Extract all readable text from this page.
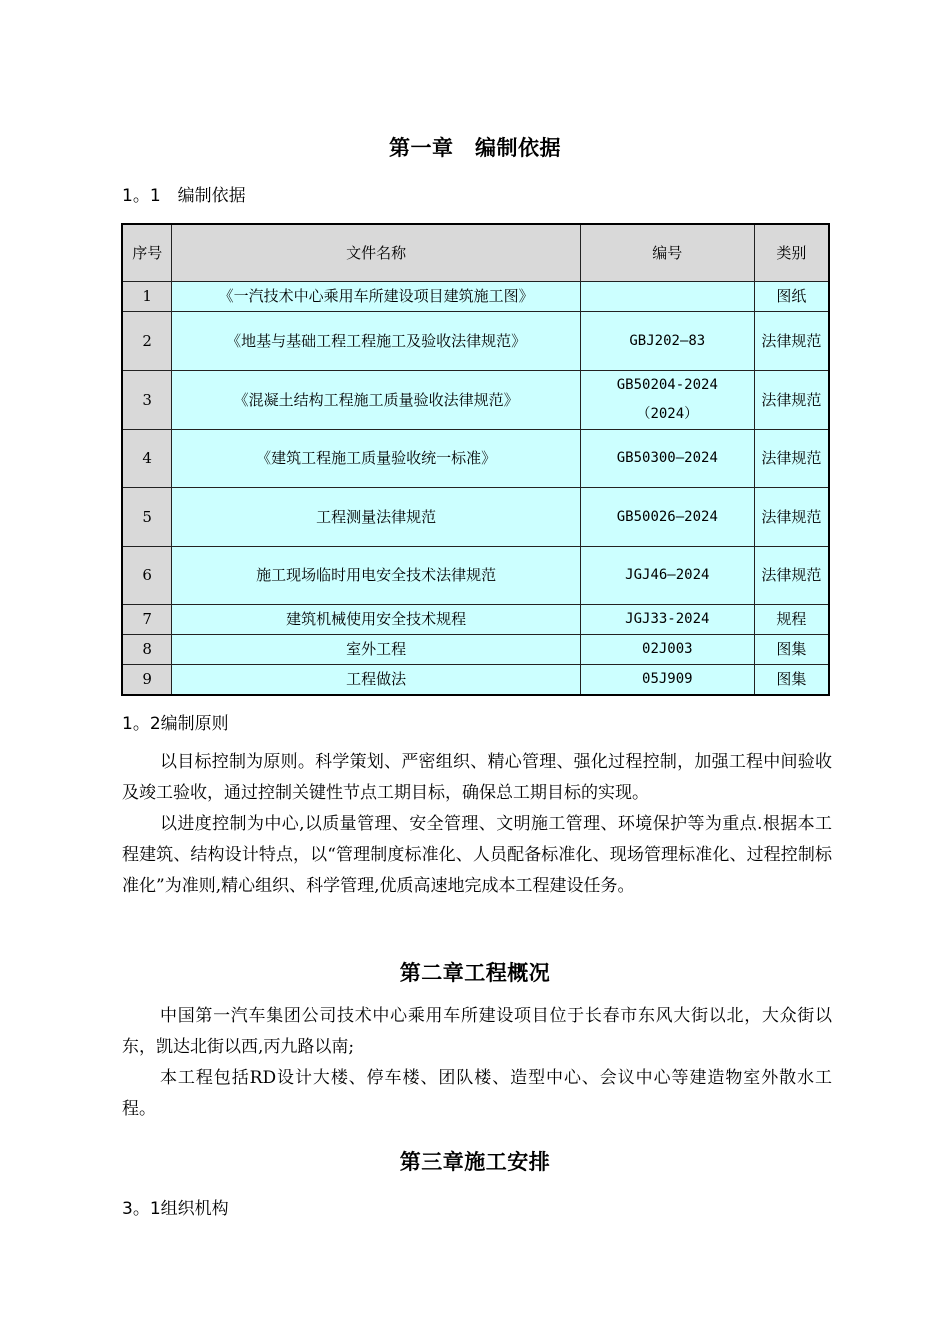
第一章　编制依据
1。1　编制依据
序号	文件名称	编号	类别
1	《一汽技术中心乘用车所建设项目建筑施工图》		图纸
2	《地基与基础工程工程施工及验收法律规范》	GBJ202—83	法律规范
3	《混凝土结构工程施工质量验收法律规范》	GB50204-2024（2024）	法律规范
4	《建筑工程施工质量验收统一标准》	GB50300—2024	法律规范
5	工程测量法律规范	GB50026—2024	法律规范
6	施工现场临时用电安全技术法律规范	JGJ46—2024	法律规范
7	建筑机械使用安全技术规程	JGJ33-2024	规程
8	室外工程	02J003	图集
9	工程做法	05J909	图集
1。2编制原则

以目标控制为原则。科学策划、严密组织、精心管理、强化过程控制，加强工程中间验收及竣工验收，通过控制关键性节点工期目标，确保总工期目标的实现。

以进度控制为中心,以质量管理、安全管理、文明施工管理、环境保护等为重点.根据本工程建筑、结构设计特点，以“管理制度标准化、人员配备标准化、现场管理标准化、过程控制标准化”为准则,精心组织、科学管理,优质高速地完成本工程建设任务。

第二章工程概况

中国第一汽车集团公司技术中心乘用车所建设项目位于长春市东风大街以北，大众街以东，凯达北街以西,丙九路以南;

本工程包括RD设计大楼、停车楼、团队楼、造型中心、会议中心等建造物室外散水工程。

第三章施工安排
3。1组织机构
